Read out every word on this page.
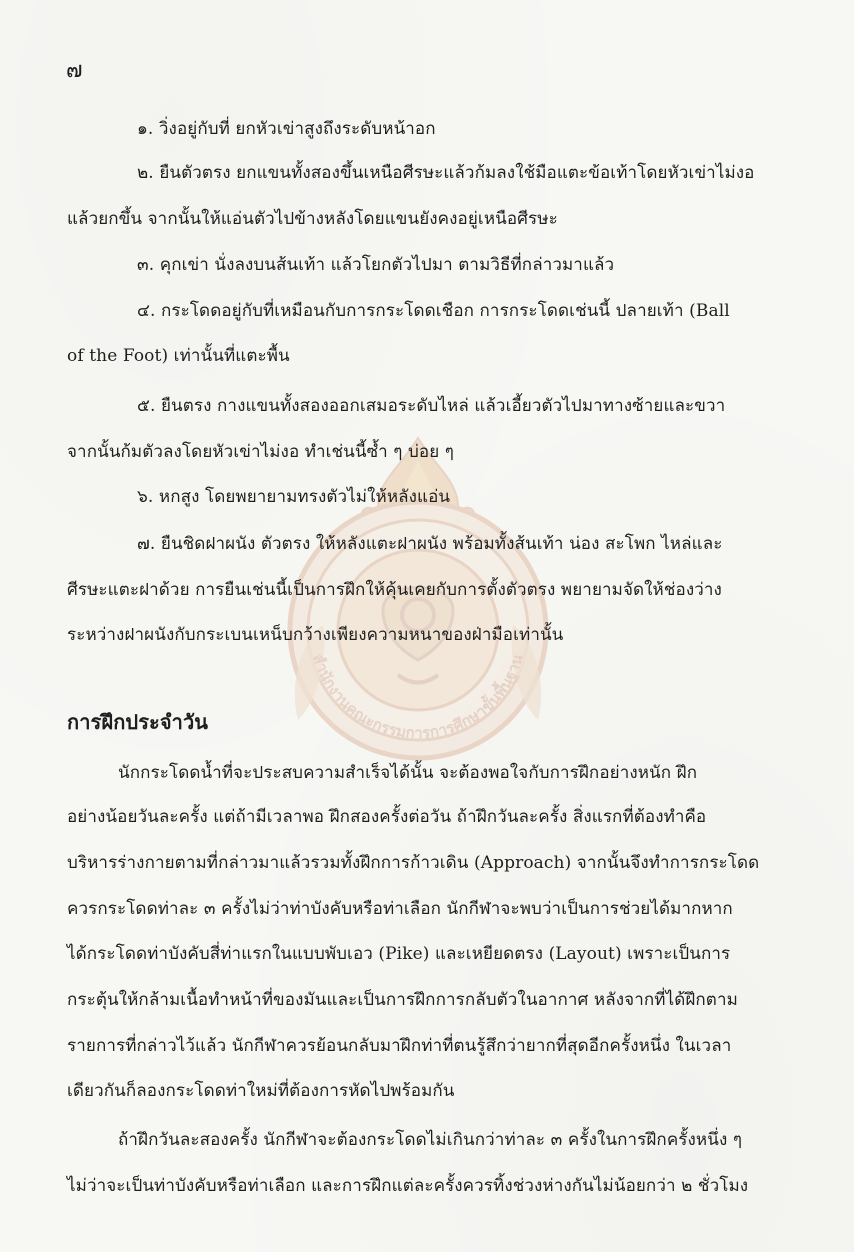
สำนักงานคณะกรรมการการศึกษาขั้นพื้นฐาน
๗
๑. วิ่งอยู่กับที่ ยกหัวเข่าสูงถึงระดับหน้าอก
๒. ยืนตัวตรง ยกแขนทั้งสองขึ้นเหนือศีรษะแล้วก้มลงใช้มือแตะข้อเท้าโดยหัวเข่าไม่งอ
แล้วยกขึ้น จากนั้นให้แอ่นตัวไปข้างหลังโดยแขนยังคงอยู่เหนือศีรษะ
๓. คุกเข่า นั่งลงบนส้นเท้า แล้วโยกตัวไปมา ตามวิธีที่กล่าวมาแล้ว
๔. กระโดดอยู่กับที่เหมือนกับการกระโดดเชือก การกระโดดเช่นนี้ ปลายเท้า (Ball
of the Foot) เท่านั้นที่แตะพื้น
๕. ยืนตรง กางแขนทั้งสองออกเสมอระดับไหล่ แล้วเอี้ยวตัวไปมาทางซ้ายและขวา
จากนั้นก้มตัวลงโดยหัวเข่าไม่งอ ทำเช่นนี้ซ้ำ ๆ บ่อย ๆ
๖. หกสูง โดยพยายามทรงตัวไม่ให้หลังแอ่น
๗. ยืนชิดฝาผนัง ตัวตรง ให้หลังแตะฝาผนัง พร้อมทั้งส้นเท้า น่อง สะโพก ไหล่และ
ศีรษะแตะฝาด้วย การยืนเช่นนี้เป็นการฝึกให้คุ้นเคยกับการตั้งตัวตรง พยายามจัดให้ช่องว่าง
ระหว่างฝาผนังกับกระเบนเหน็บกว้างเพียงความหนาของฝ่ามือเท่านั้น
การฝึกประจำวัน
นักกระโดดน้ำที่จะประสบความสำเร็จได้นั้น จะต้องพอใจกับการฝึกอย่างหนัก ฝึก
อย่างน้อยวันละครั้ง แต่ถ้ามีเวลาพอ ฝึกสองครั้งต่อวัน ถ้าฝึกวันละครั้ง สิ่งแรกที่ต้องทำคือ
บริหารร่างกายตามที่กล่าวมาแล้วรวมทั้งฝึกการก้าวเดิน (Approach) จากนั้นจึงทำการกระโดด
ควรกระโดดท่าละ ๓ ครั้งไม่ว่าท่าบังคับหรือท่าเลือก นักกีฬาจะพบว่าเป็นการช่วยได้มากหาก
ได้กระโดดท่าบังคับสี่ท่าแรกในแบบพับเอว (Pike) และเหยียดตรง (Layout) เพราะเป็นการ
กระตุ้นให้กล้ามเนื้อทำหน้าที่ของมันและเป็นการฝึกการกลับตัวในอากาศ หลังจากที่ได้ฝึกตาม
รายการที่กล่าวไว้แล้ว นักกีฬาควรย้อนกลับมาฝึกท่าที่ตนรู้สึกว่ายากที่สุดอีกครั้งหนึ่ง ในเวลา
เดียวกันก็ลองกระโดดท่าใหม่ที่ต้องการหัดไปพร้อมกัน
ถ้าฝึกวันละสองครั้ง นักกีฬาจะต้องกระโดดไม่เกินกว่าท่าละ ๓ ครั้งในการฝึกครั้งหนึ่ง ๆ
ไม่ว่าจะเป็นท่าบังคับหรือท่าเลือก และการฝึกแต่ละครั้งควรทิ้งช่วงห่างกันไม่น้อยกว่า ๒ ชั่วโมง
